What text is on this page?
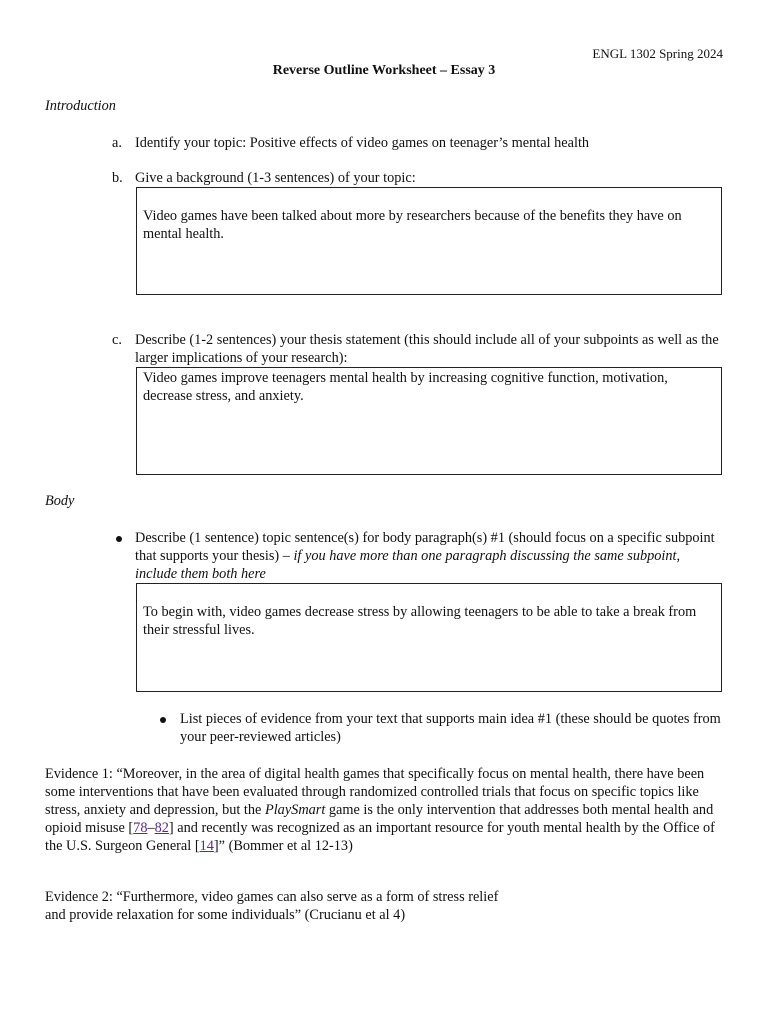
ENGL 1302 Spring 2024
Reverse Outline Worksheet – Essay 3
Introduction
a. Identify your topic: Positive effects of video games on teenager’s mental health
b. Give a background (1-3 sentences) of your topic:
Video games have been talked about more by researchers because of the benefits they have on mental health.
c. Describe (1-2 sentences) your thesis statement (this should include all of your subpoints as well as the larger implications of your research):
Video games improve teenagers mental health by increasing cognitive function, motivation, decrease stress, and anxiety.
Body
Describe (1 sentence) topic sentence(s) for body paragraph(s) #1 (should focus on a specific subpoint that supports your thesis) – if you have more than one paragraph discussing the same subpoint, include them both here
To begin with, video games decrease stress by allowing teenagers to be able to take a break from their stressful lives.
List pieces of evidence from your text that supports main idea #1 (these should be quotes from your peer-reviewed articles)
Evidence 1: “Moreover, in the area of digital health games that specifically focus on mental health, there have been some interventions that have been evaluated through randomized controlled trials that focus on specific topics like stress, anxiety and depression, but the PlaySmart game is the only intervention that addresses both mental health and opioid misuse [78–82] and recently was recognized as an important resource for youth mental health by the Office of the U.S. Surgeon General [14]” (Bommer et al 12-13)
Evidence 2: “Furthermore, video games can also serve as a form of stress relief
and provide relaxation for some individuals” (Crucianu et al 4)
